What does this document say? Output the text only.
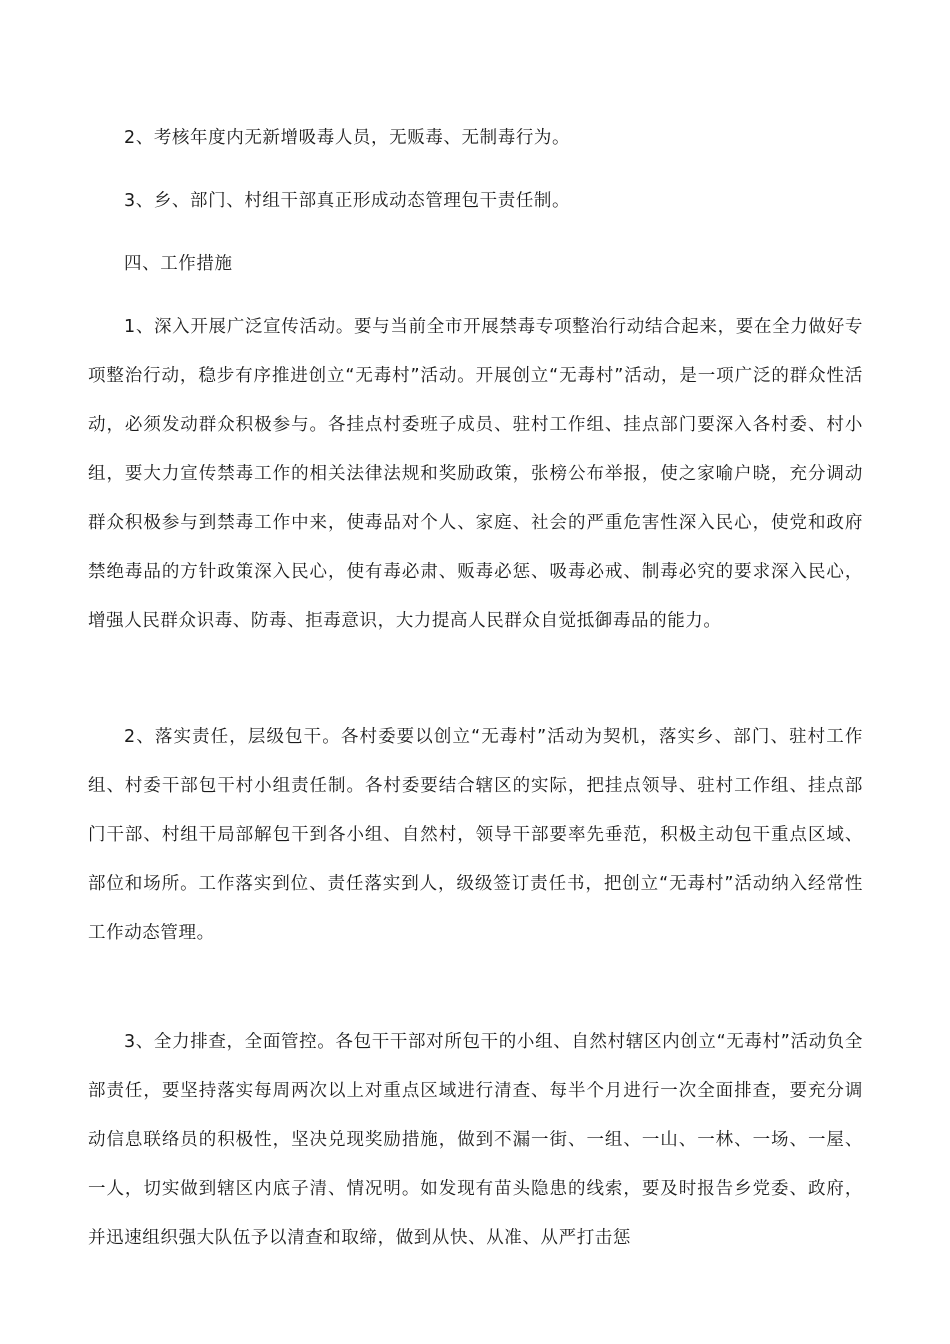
2、考核年度内无新增吸毒人员，无贩毒、无制毒行为。

3、乡、部门、村组干部真正形成动态管理包干责任制。

四、工作措施

1、深入开展广泛宣传活动。要与当前全市开展禁毒专项整治行动结合起来，要在全力做好专项整治行动，稳步有序推进创立“无毒村”活动。开展创立“无毒村”活动，是一项广泛的群众性活动，必须发动群众积极参与。各挂点村委班子成员、驻村工作组、挂点部门要深入各村委、村小组，要大力宣传禁毒工作的相关法律法规和奖励政策，张榜公布举报，使之家喻户晓，充分调动群众积极参与到禁毒工作中来，使毒品对个人、家庭、社会的严重危害性深入民心，使党和政府禁绝毒品的方针政策深入民心，使有毒必肃、贩毒必惩、吸毒必戒、制毒必究的要求深入民心，增强人民群众识毒、防毒、拒毒意识，大力提高人民群众自觉抵御毒品的能力。

2、落实责任，层级包干。各村委要以创立“无毒村”活动为契机，落实乡、部门、驻村工作组、村委干部包干村小组责任制。各村委要结合辖区的实际，把挂点领导、驻村工作组、挂点部门干部、村组干局部解包干到各小组、自然村，领导干部要率先垂范，积极主动包干重点区域、部位和场所。工作落实到位、责任落实到人，级级签订责任书，把创立“无毒村”活动纳入经常性工作动态管理。

3、全力排查，全面管控。各包干干部对所包干的小组、自然村辖区内创立“无毒村”活动负全部责任，要坚持落实每周两次以上对重点区域进行清查、每半个月进行一次全面排查，要充分调动信息联络员的积极性，坚决兑现奖励措施，做到不漏一街、一组、一山、一林、一场、一屋、一人，切实做到辖区内底子清、情况明。如发现有苗头隐患的线索，要及时报告乡党委、政府，并迅速组织强大队伍予以清查和取缔，做到从快、从准、从严打击惩
